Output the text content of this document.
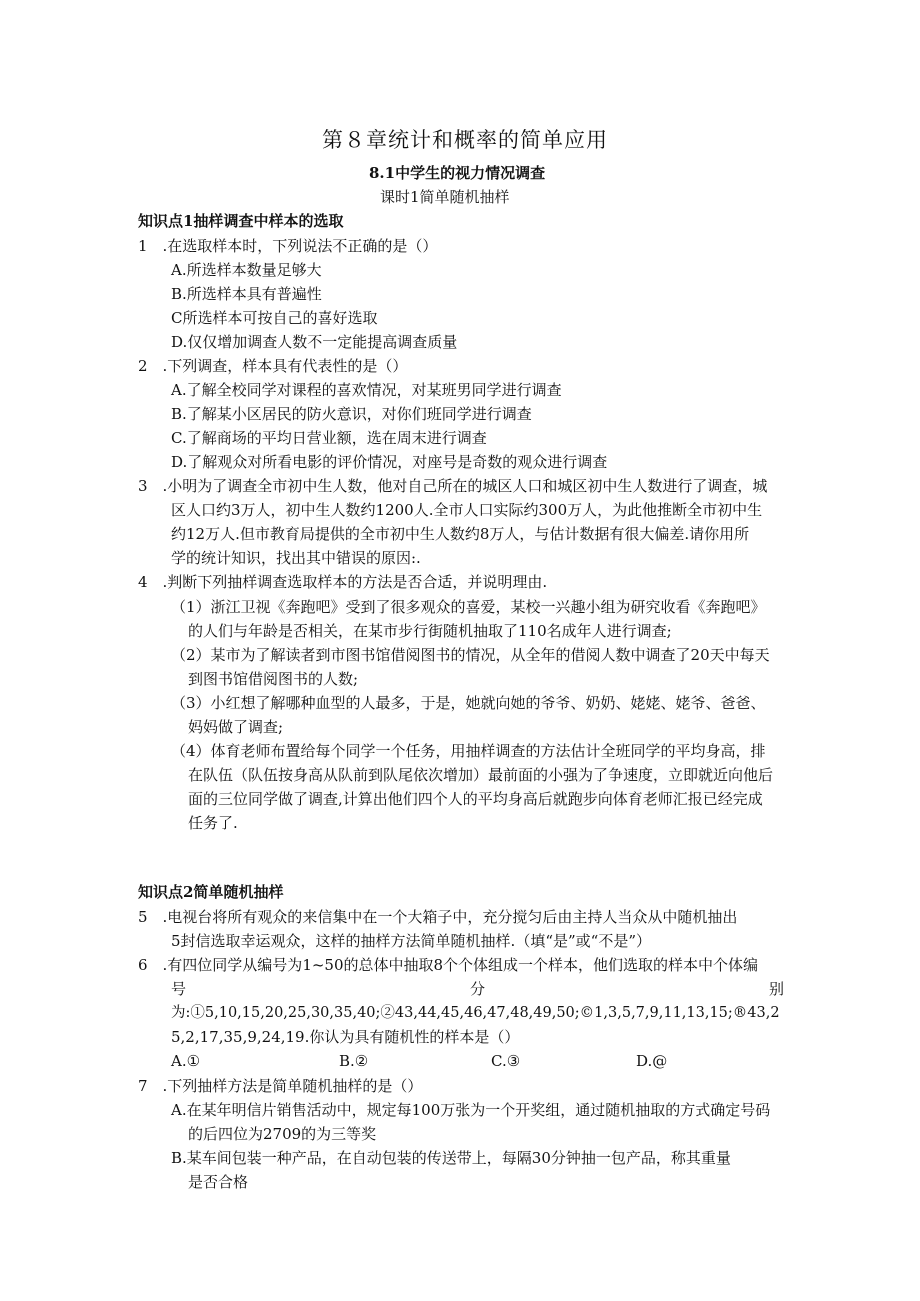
第８章统计和概率的简单应用
8.1中学生的视力情况调查
课时1简单随机抽样
知识点1抽样调查中样本的选取
1　.在选取样本时，下列说法不正确的是（）
A.所选样本数量足够大
B.所选样本具有普遍性
C所选样本可按自己的喜好选取
D.仅仅增加调查人数不一定能提高调查质量
2　.下列调查，样本具有代表性的是（）
A.了解全校同学对课程的喜欢情况，对某班男同学进行调查
B.了解某小区居民的防火意识，对你们班同学进行调查
C.了解商场的平均日营业额，选在周末进行调查
D.了解观众对所看电影的评价情况，对座号是奇数的观众进行调查
3　.小明为了调查全市初中生人数，他对自己所在的城区人口和城区初中生人数进行了调查，城
区人口约3万人，初中生人数约1200人.全市人口实际约300万人，为此他推断全市初中生
约12万人.但市教育局提供的全市初中生人数约8万人，与估计数据有很大偏差.请你用所
学的统计知识，找出其中错误的原因:.
4　.判断下列抽样调查选取样本的方法是否合适，并说明理由.
（1）浙江卫视《奔跑吧》受到了很多观众的喜爱，某校一兴趣小组为研究收看《奔跑吧》
的人们与年龄是否相关，在某市步行街随机抽取了110名成年人进行调查;
（2）某市为了解读者到市图书馆借阅图书的情况，从全年的借阅人数中调查了20天中每天
到图书馆借阅图书的人数;
（3）小红想了解哪种血型的人最多，于是，她就向她的爷爷、奶奶、姥姥、姥爷、爸爸、
妈妈做了调查;
（4）体育老师布置给每个同学一个任务，用抽样调查的方法估计全班同学的平均身高，排
在队伍（队伍按身高从队前到队尾依次增加）最前面的小强为了争速度，立即就近向他后
面的三位同学做了调查,计算出他们四个人的平均身高后就跑步向体育老师汇报已经完成
任务了.
知识点2简单随机抽样
5　.电视台将所有观众的来信集中在一个大箱子中，充分搅匀后由主持人当众从中随机抽出
5封信选取幸运观众，这样的抽样方法简单随机抽样.（填“是”或“不是”）
6　.有四位同学从编号为1~50的总体中抽取8个个体组成一个样本，他们选取的样本中个体编
号	分	别
为:①5,10,15,20,25,30,35,40;②43,44,45,46,47,48,49,50;©1,3,5,7,9,11,13,15;®43,2
5,2,17,35,9,24,19.你认为具有随机性的样本是（）
A.①	B.②	C.③	D.@
7　.下列抽样方法是简单随机抽样的是（）
A.在某年明信片销售活动中，规定每100万张为一个开奖组，通过随机抽取的方式确定号码
的后四位为2709的为三等奖
B.某车间包装一种产品，在自动包装的传送带上，每隔30分钟抽一包产品，称其重量
是否合格
